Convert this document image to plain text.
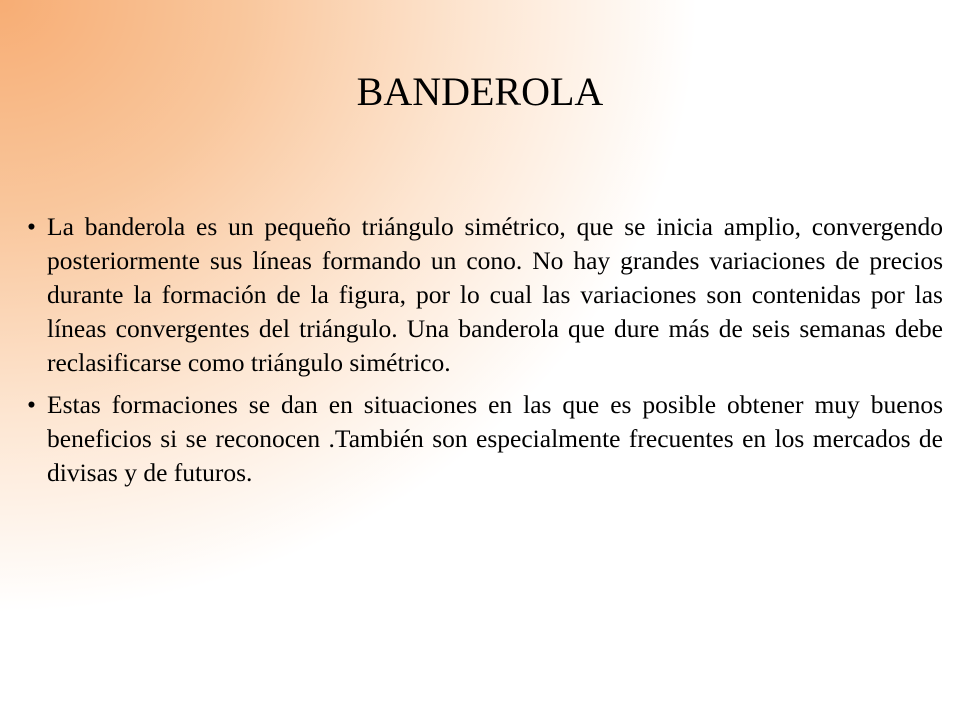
BANDEROLA
• La banderola es un pequeño triángulo simétrico, que se inicia amplio, convergendo posteriormente sus líneas formando un cono. No hay grandes variaciones de precios durante la formación de la figura, por lo cual las variaciones son contenidas por las líneas convergentes del triángulo. Una banderola que dure más de seis semanas debe reclasificarse como triángulo simétrico.
• Estas formaciones se dan en situaciones en las que es posible obtener muy buenos beneficios si se reconocen .También son especialmente frecuentes en los mercados de divisas y de futuros.
